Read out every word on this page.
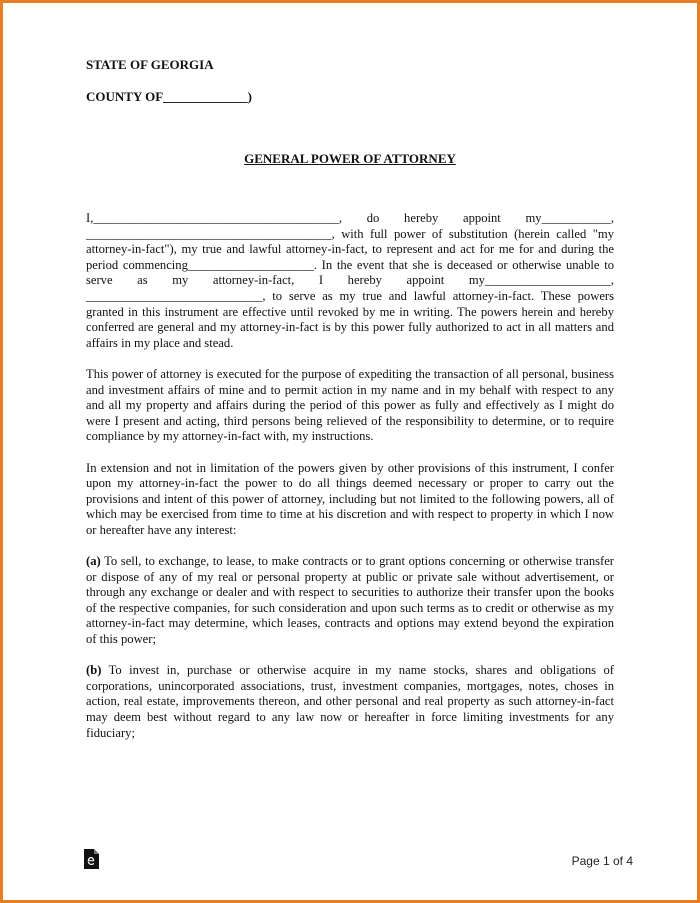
STATE OF GEORGIA
COUNTY OF_____________)
GENERAL POWER OF ATTORNEY

I,_______________________________________, do hereby appoint my___________, _______________________________________, with full power of substitution (herein called "my attorney-in-fact"), my true and lawful attorney-in-fact, to represent and act for me for and during the period commencing____________________. In the event that she is deceased or otherwise unable to serve as my attorney-in-fact, I hereby appoint my____________________, ____________________________, to serve as my true and lawful attorney-in-fact. These powers granted in this instrument are effective until revoked by me in writing. The powers herein and hereby conferred are general and my attorney-in-fact is by this power fully authorized to act in all matters and affairs in my place and stead.

This power of attorney is executed for the purpose of expediting the transaction of all personal, business and investment affairs of mine and to permit action in my name and in my behalf with respect to any and all my property and affairs during the period of this power as fully and effectively as I might do were I present and acting, third persons being relieved of the responsibility to determine, or to require compliance by my attorney-in-fact with, my instructions.

In extension and not in limitation of the powers given by other provisions of this instrument, I confer upon my attorney-in-fact the power to do all things deemed necessary or proper to carry out the provisions and intent of this power of attorney, including but not limited to the following powers, all of which may be exercised from time to time at his discretion and with respect to property in which I now or hereafter have any interest:

(a) To sell, to exchange, to lease, to make contracts or to grant options concerning or otherwise transfer or dispose of any of my real or personal property at public or private sale without advertisement, or through any exchange or dealer and with respect to securities to authorize their transfer upon the books of the respective companies, for such consideration and upon such terms as to credit or otherwise as my attorney-in-fact may determine, which leases, contracts and options may extend beyond the expiration of this power;

(b) To invest in, purchase or otherwise acquire in my name stocks, shares and obligations of corporations, unincorporated associations, trust, investment companies, mortgages, notes, choses in action, real estate, improvements thereon, and other personal and real property as such attorney-in-fact may deem best without regard to any law now or hereafter in force limiting investments for any fiduciary;

Page 1 of 4
